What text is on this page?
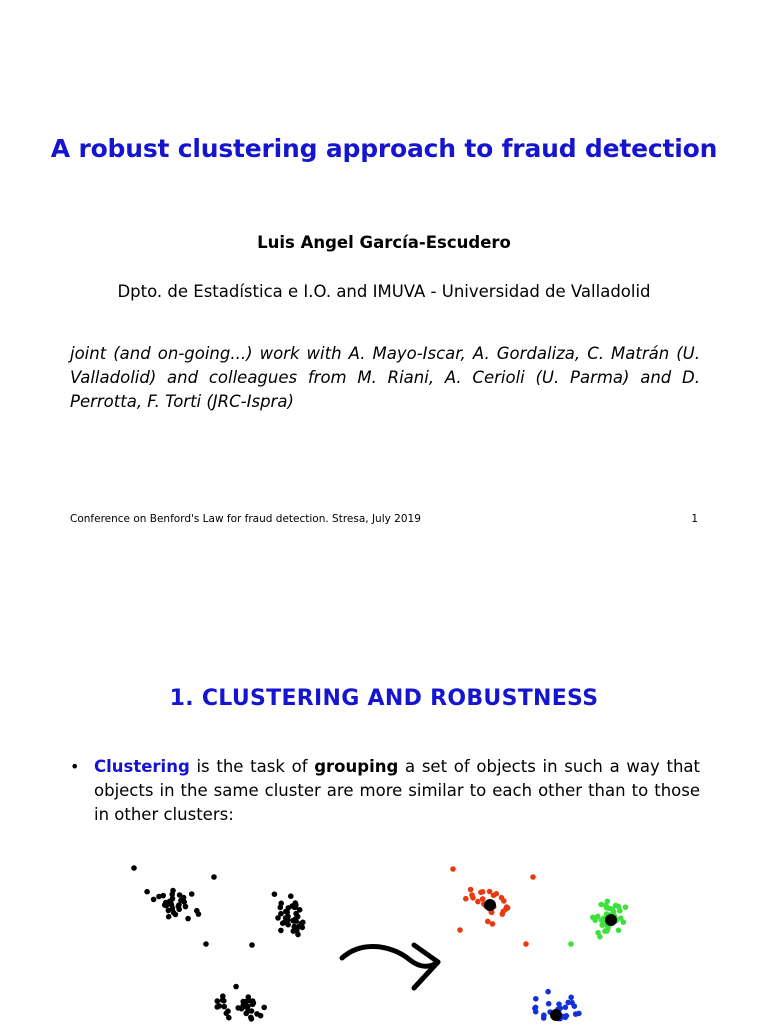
A robust clustering approach to fraud detection
Luis Angel García-Escudero
Dpto. de Estadística e I.O. and IMUVA - Universidad de Valladolid
joint (and on-going...) work with A. Mayo-Iscar, A. Gordaliza, C. Matrán (U. Valladolid) and colleagues from M. Riani, A. Cerioli (U. Parma) and D. Perrotta, F. Torti (JRC-Ispra)
Conference on Benford's Law for fraud detection. Stresa, July 2019	1
1. CLUSTERING AND ROBUSTNESS
• Clustering is the task of grouping a set of objects in such a way that objects in the same cluster are more similar to each other than to those in other clusters:
